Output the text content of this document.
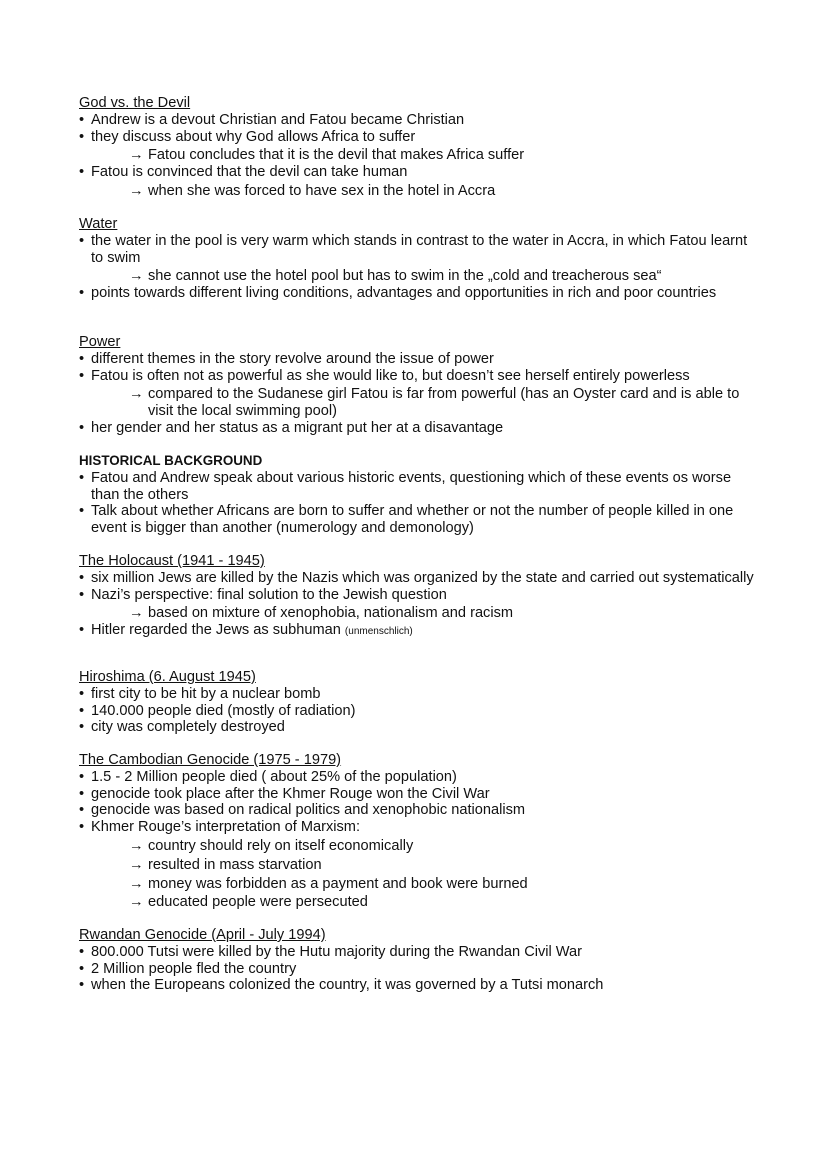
God vs. the Devil

• Andrew is a devout Christian and Fatou became Christian
• they discuss about why God allows Africa to suffer
→ Fatou concludes that it is the devil that makes Africa suffer
• Fatou is convinced that the devil can take human
→ when she was forced to have sex in the hotel in Accra

Water

• the water in the pool is very warm which stands in contrast to the water in Accra, in which Fatou learnt to swim
→ she cannot use the hotel pool but has to swim in the „cold and treacherous sea“
• points towards different living conditions, advantages and opportunities in rich and poor countries

Power

• different themes in the story revolve around the issue of power
• Fatou is often not as powerful as she would like to, but doesn’t see herself entirely powerless
→ compared to the Sudanese girl Fatou is far from powerful (has an Oyster card and is able to visit the local swimming pool)
• her gender and her status as a migrant put her at a disavantage

HISTORICAL BACKGROUND

• Fatou and Andrew speak about various historic events, questioning which of these events os worse than the others
• Talk about whether Africans are born to suffer and whether or not the number of people killed in one event is bigger than another (numerology and demonology)

The Holocaust (1941 - 1945)

• six million Jews are killed by the Nazis which was organized by the state and carried out systematically
• Nazi’s perspective: final solution to the Jewish question
→ based on mixture of xenophobia, nationalism and racism
• Hitler regarded the Jews as subhuman (unmenschlich)

Hiroshima (6. August 1945)

• first city to be hit by a nuclear bomb
• 140.000 people died (mostly of radiation)
• city was completely destroyed

The Cambodian Genocide (1975 - 1979)

• 1.5 - 2 Million people died ( about 25% of the population)
• genocide took place after the Khmer Rouge won the Civil War
• genocide was based on radical politics and xenophobic nationalism
• Khmer Rouge’s interpretation of Marxism:
→ country should rely on itself economically
→ resulted in mass starvation
→ money was forbidden as a payment and book were burned
→ educated people were persecuted

Rwandan Genocide (April - July 1994)

• 800.000 Tutsi were killed by the Hutu majority during the Rwandan Civil War
• 2 Million people fled the country
• when the Europeans colonized the country, it was governed by a Tutsi monarch
